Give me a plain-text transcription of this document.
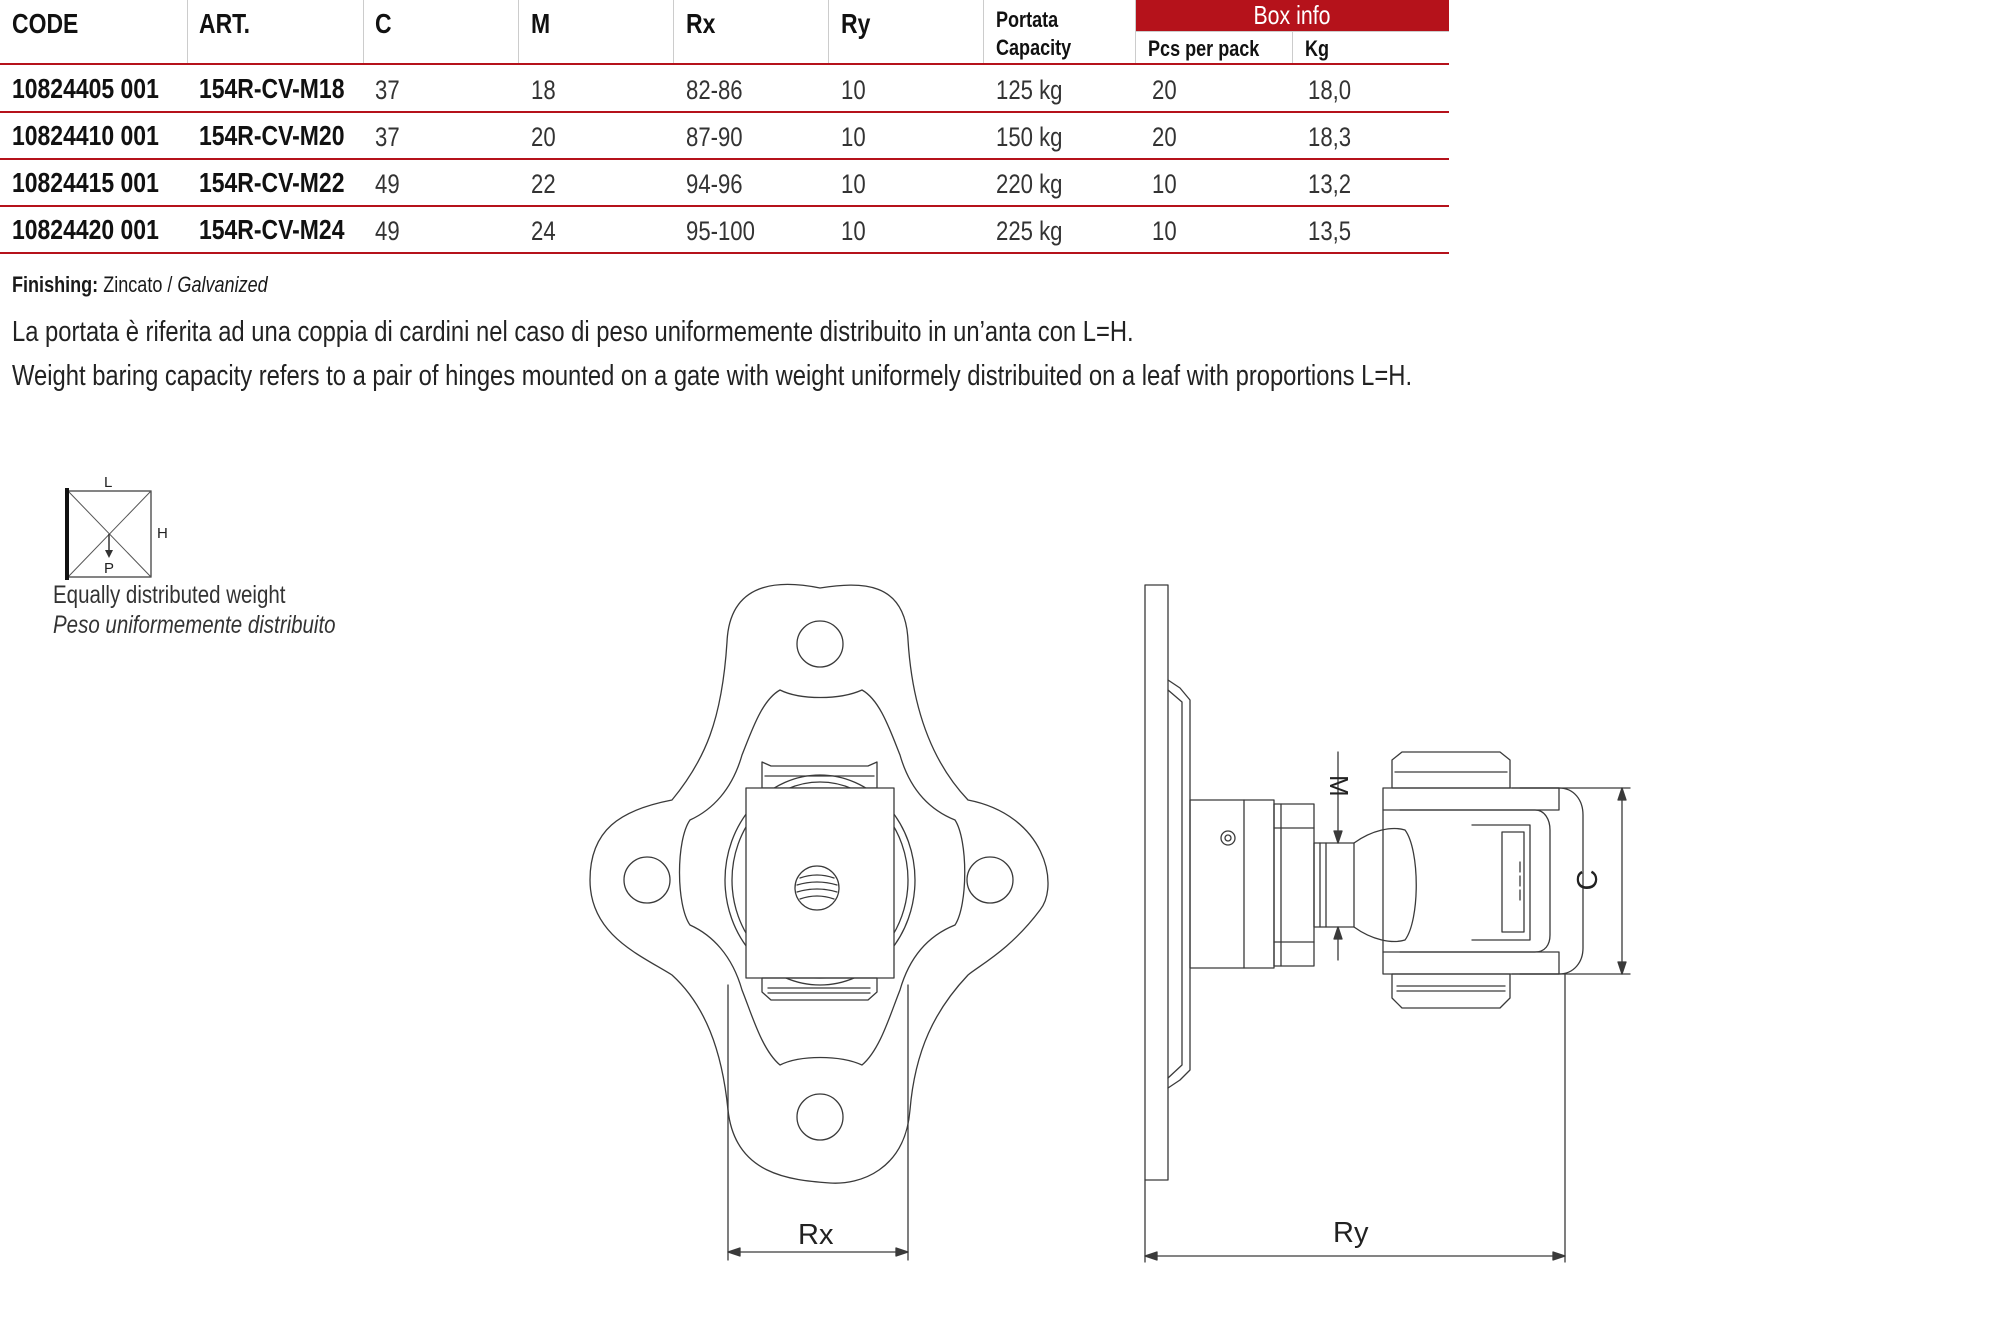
CODE	ART.	C	M	Rx	Ry	Portata
Capacity
Box info
Pcs per pack	Kg
10824405 001	154R-CV-M18	37	18	82-86	10	125 kg	20	18,0
10824410 001	154R-CV-M20	37	20	87-90	10	150 kg	20	18,3
10824415 001	154R-CV-M22	49	22	94-96	10	220 kg	10	13,2
10824420 001	154R-CV-M24	49	24	95-100	10	225 kg	10	13,5
Finishing: Zincato / Galvanized
La portata è riferita ad una coppia di cardini nel caso di peso uniformemente distribuito in un’anta con L=H.
Weight baring capacity refers to a pair of hinges mounted on a gate with weight uniformely distribuited on a leaf with proportions L=H.
L
H
P
Equally distributed weight
Peso uniformemente distribuito
Rx
M
C
Ry
